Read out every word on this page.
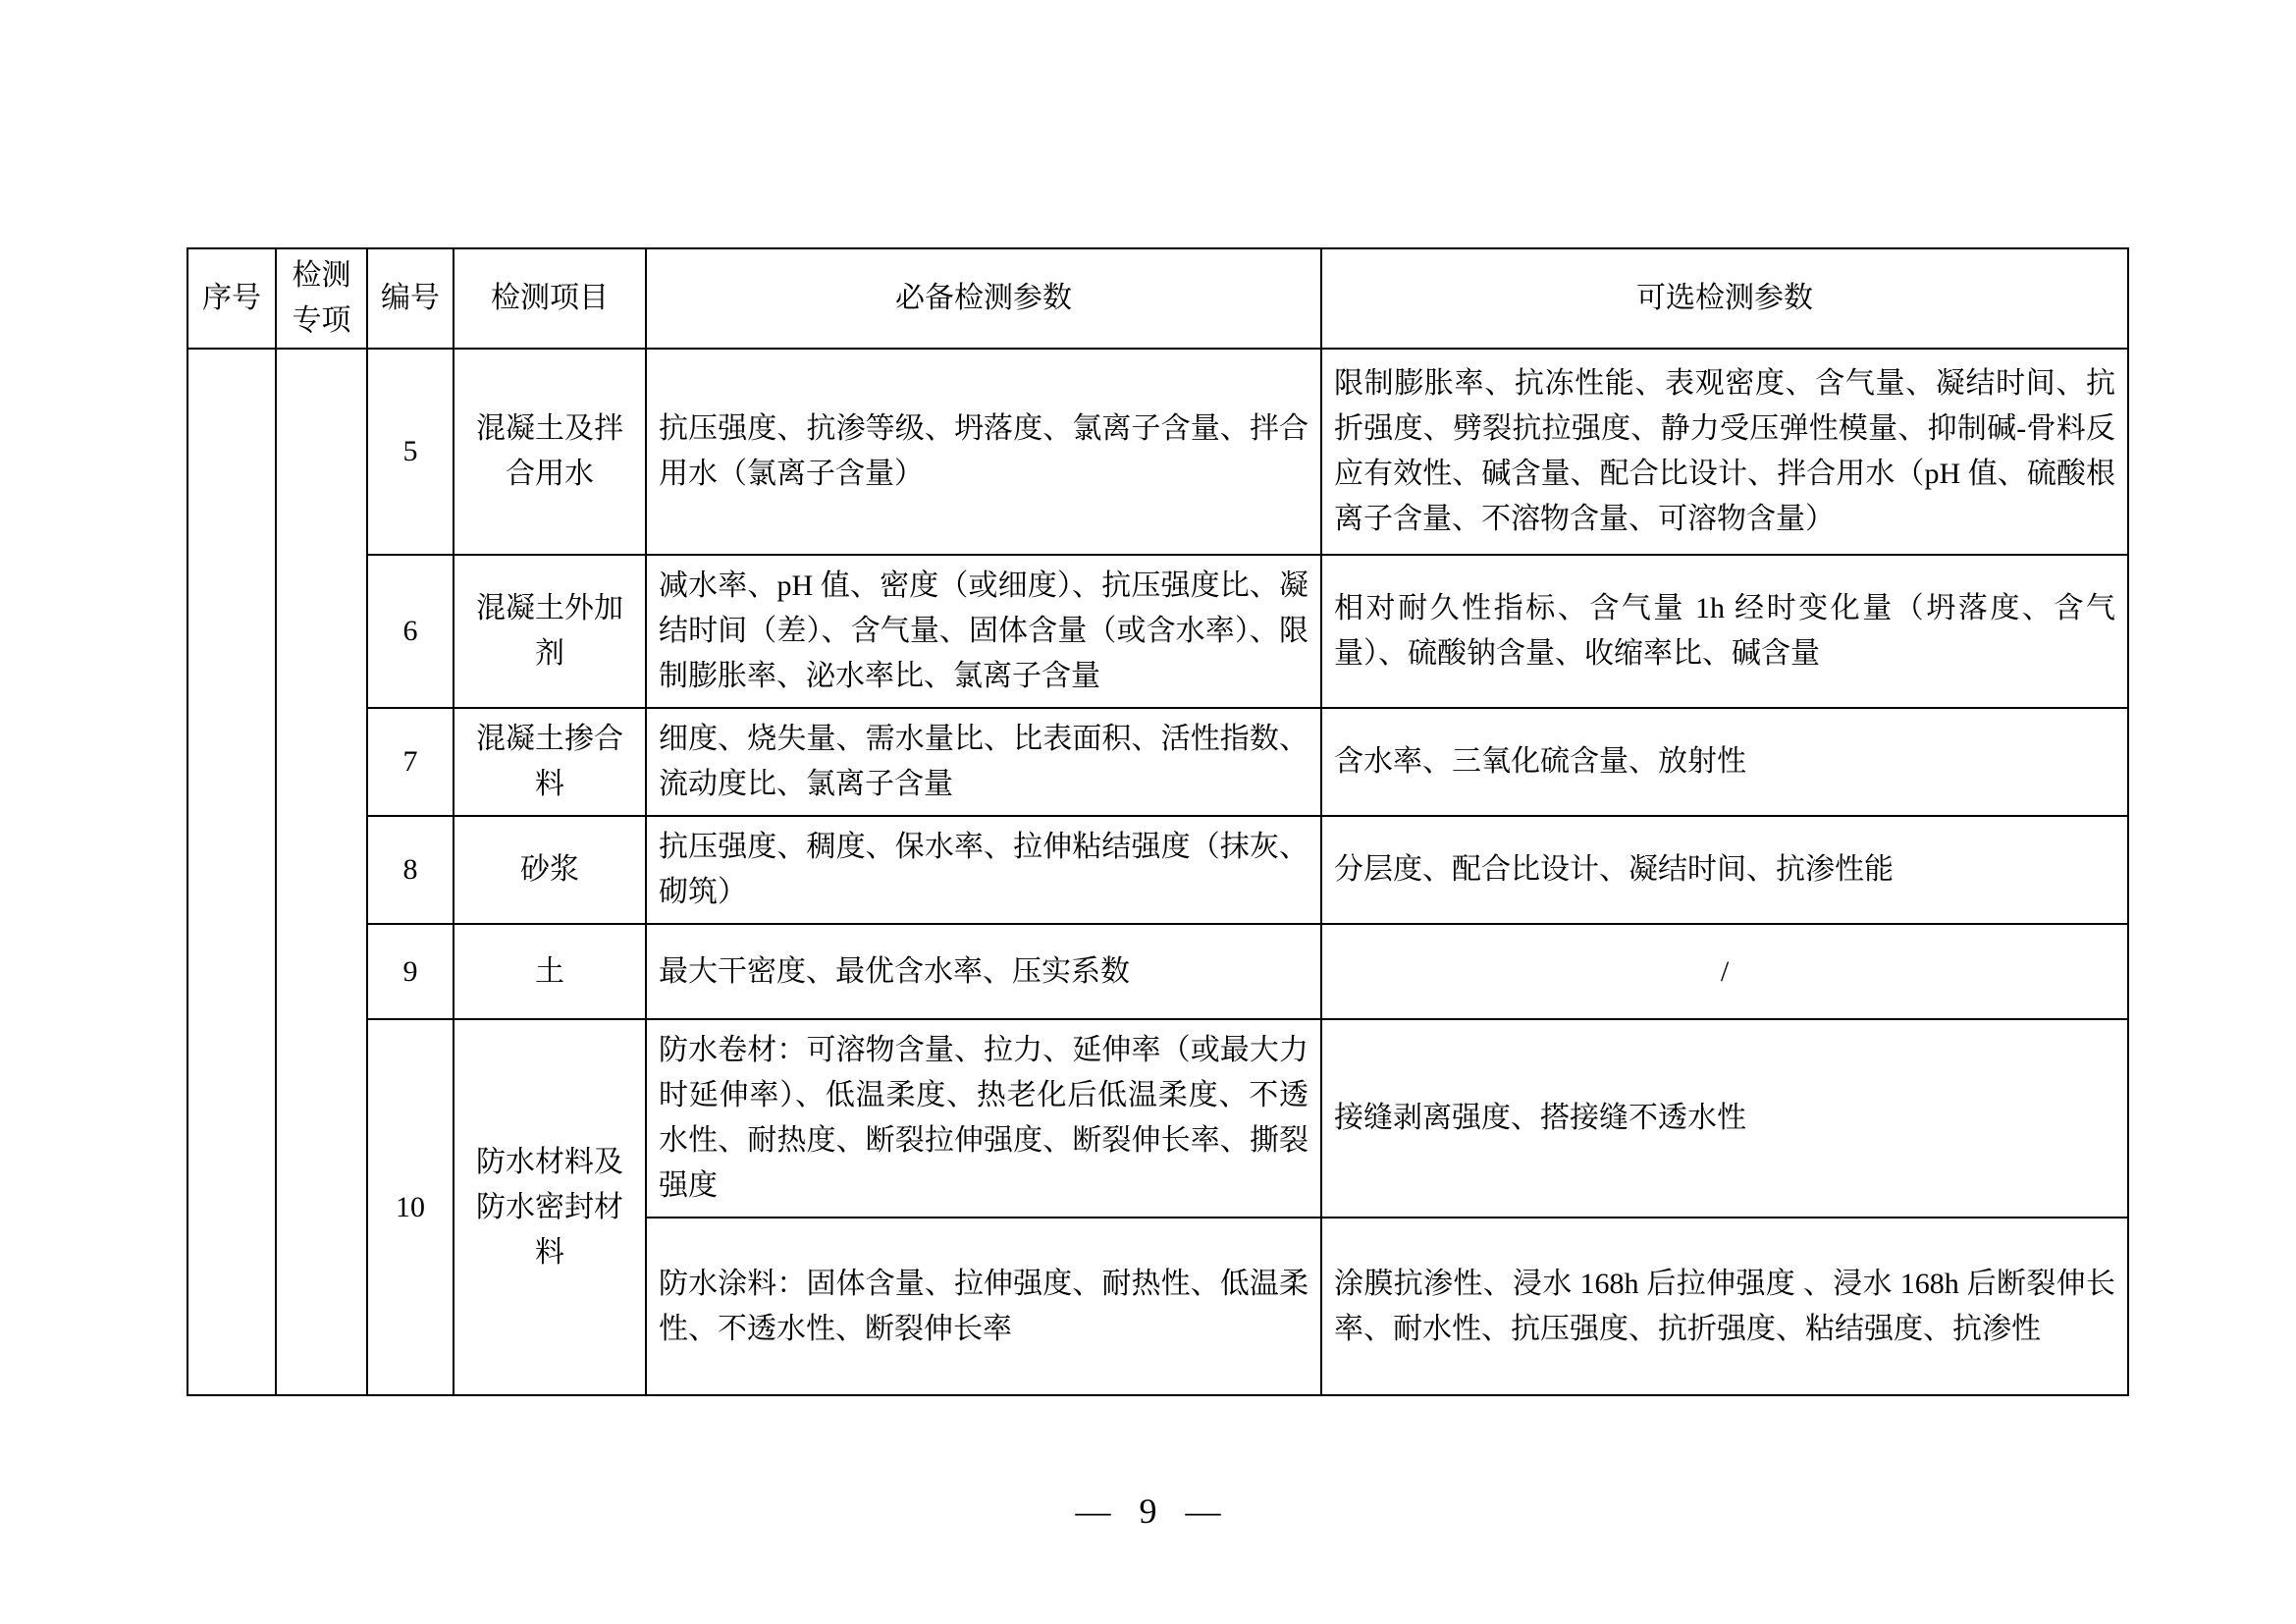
序号	检测专项	编号	检测项目	必备检测参数	可选检测参数
		5	混凝土及拌合用水	抗压强度、抗渗等级、坍落度、氯离子含量、拌合用水（氯离子含量）	限制膨胀率、抗冻性能、表观密度、含气量、凝结时间、抗折强度、劈裂抗拉强度、静力受压弹性模量、抑制碱-骨料反应有效性、碱含量、配合比设计、拌合用水（pH 值、硫酸根离子含量、不溶物含量、可溶物含量）
		6	混凝土外加剂	减水率、pH 值、密度（或细度）、抗压强度比、凝结时间（差）、含气量、固体含量（或含水率）、限制膨胀率、泌水率比、氯离子含量	相对耐久性指标、含气量 1h 经时变化量（坍落度、含气量）、硫酸钠含量、收缩率比、碱含量
		7	混凝土掺合料	细度、烧失量、需水量比、比表面积、活性指数、流动度比、氯离子含量	含水率、三氧化硫含量、放射性
		8	砂浆	抗压强度、稠度、保水率、拉伸粘结强度（抹灰、砌筑）	分层度、配合比设计、凝结时间、抗渗性能
		9	土	最大干密度、最优含水率、压实系数	/
		10	防水材料及防水密封材料	防水卷材：可溶物含量、拉力、延伸率（或最大力时延伸率）、低温柔度、热老化后低温柔度、不透水性、耐热度、断裂拉伸强度、断裂伸长率、撕裂强度	接缝剥离强度、搭接缝不透水性
				防水涂料：固体含量、拉伸强度、耐热性、低温柔性、不透水性、断裂伸长率	涂膜抗渗性、浸水 168h 后拉伸强度 、浸水 168h 后断裂伸长率、耐水性、抗压强度、抗折强度、粘结强度、抗渗性
— 9 —
